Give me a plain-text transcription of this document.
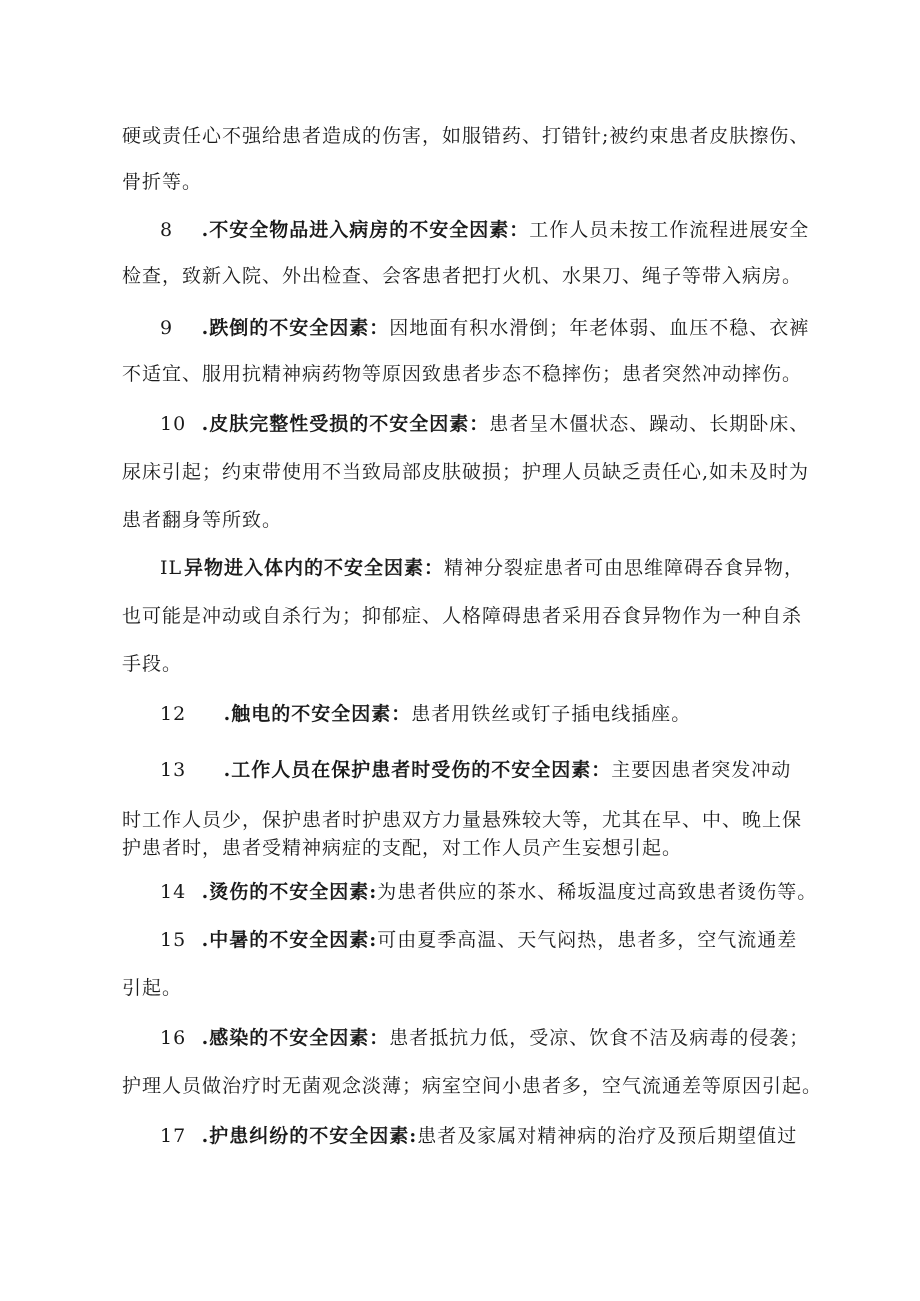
硬或责任心不强给患者造成的伤害，如服错药、打错针;被约束患者皮肤擦伤、
骨折等。
8 .不安全物品进入病房的不安全因素：工作人员未按工作流程进展安全
检查，致新入院、外出检查、会客患者把打火机、水果刀、绳子等带入病房。
9 .跌倒的不安全因素：因地面有积水滑倒；年老体弱、血压不稳、衣裤
不适宜、服用抗精神病药物等原因致患者步态不稳摔伤；患者突然冲动摔伤。
10 .皮肤完整性受损的不安全因素：患者呈木僵状态、躁动、长期卧床、
尿床引起；约束带使用不当致局部皮肤破损；护理人员缺乏责任心,如未及时为
患者翻身等所致。
IL异物进入体内的不安全因素：精神分裂症患者可由思维障碍吞食异物，
也可能是冲动或自杀行为；抑郁症、人格障碍患者采用吞食异物作为一种自杀
手段。
12 .触电的不安全因素：患者用铁丝或钉子插电线插座。
13 .工作人员在保护患者时受伤的不安全因素：主要因患者突发冲动
时工作人员少，保护患者时护患双方力量悬殊较大等，尤其在早、中、晚上保
护患者时，患者受精神病症的支配，对工作人员产生妄想引起。
14 .烫伤的不安全因素:为患者供应的茶水、稀坂温度过高致患者烫伤等。
15 .中暑的不安全因素:可由夏季高温、天气闷热，患者多，空气流通差
引起。
16 .感染的不安全因素：患者抵抗力低，受凉、饮食不洁及病毒的侵袭；
护理人员做治疗时无菌观念淡薄；病室空间小患者多，空气流通差等原因引起。
17 .护患纠纷的不安全因素:患者及家属对精神病的治疗及预后期望值过
